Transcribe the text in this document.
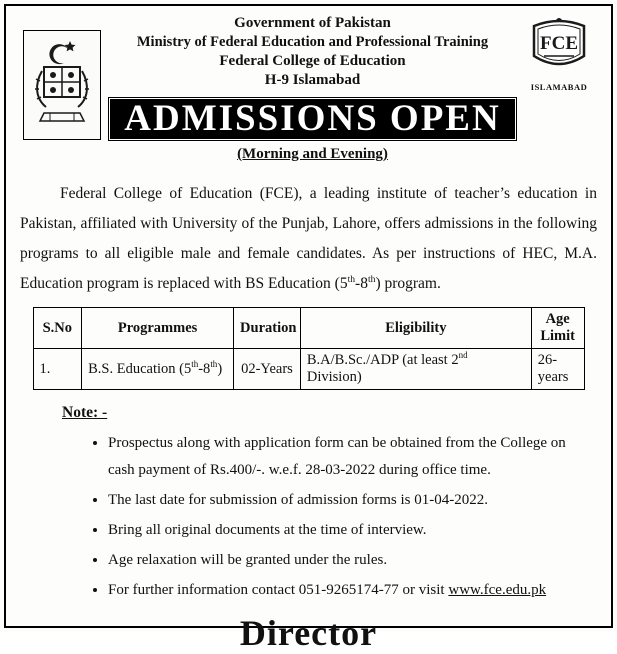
Government of Pakistan
Ministry of Federal Education and Professional Training
Federal College of Education
H-9 Islamabad
ADMISSIONS OPEN
(Morning and Evening)
FCE
ISLAMABAD

Federal College of Education (FCE), a leading institute of teacher’s education in Pakistan, affiliated with University of the Punjab, Lahore, offers admissions in the following programs to all eligible male and female candidates. As per instructions of HEC, M.A. Education program is replaced with BS Education (5th-8th) program.

S.No	Programmes	Duration	Eligibility	Age Limit
1.	B.S. Education (5th-8th)	02-Years	B.A/B.Sc./ADP (at least 2nd Division)	26-years
Note: -
• Prospectus along with application form can be obtained from the College on cash payment of Rs.400/-. w.e.f. 28-03-2022 during office time.
• The last date for submission of admission forms is 01-04-2022.
• Bring all original documents at the time of interview.
• Age relaxation will be granted under the rules.
• For further information contact 051-9265174-77 or visit www.fce.edu.pk
Director
